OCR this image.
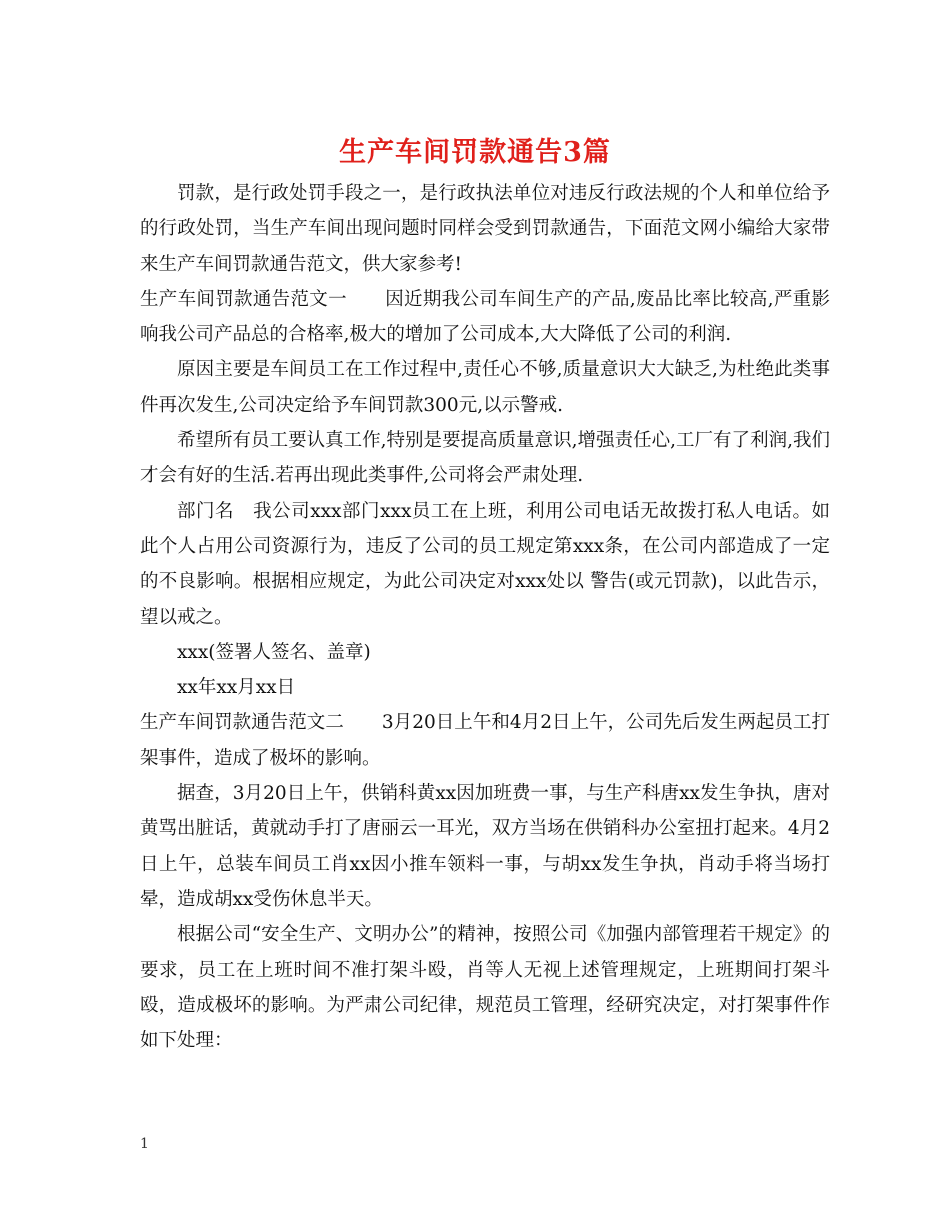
生产车间罚款通告3篇

罚款，是行政处罚手段之一，是行政执法单位对违反行政法规的个人和单位给予的行政处罚，当生产车间出现问题时同样会受到罚款通告，下面范文网小编给大家带来生产车间罚款通告范文，供大家参考!

生产车间罚款通告范文一 因近期我公司车间生产的产品,废品比率比较高,严重影响我公司产品总的合格率,极大的增加了公司成本,大大降低了公司的利润.

原因主要是车间员工在工作过程中,责任心不够,质量意识大大缺乏,为杜绝此类事件再次发生,公司决定给予车间罚款300元,以示警戒.

希望所有员工要认真工作,特别是要提高质量意识,增强责任心,工厂有了利润,我们才会有好的生活.若再出现此类事件,公司将会严肃处理.

部门名　我公司xxx部门xxx员工在上班，利用公司电话无故拨打私人电话。如此个人占用公司资源行为，违反了公司的员工规定第xxx条，在公司内部造成了一定的不良影响。根据相应规定，为此公司决定对xxx处以 警告(或元罚款)，以此告示，望以戒之。

xxx(签署人签名、盖章)

xx年xx月xx日

生产车间罚款通告范文二 3月20日上午和4月2日上午，公司先后发生两起员工打架事件，造成了极坏的影响。

据查，3月20日上午，供销科黄xx因加班费一事，与生产科唐xx发生争执，唐对黄骂出脏话，黄就动手打了唐丽云一耳光，双方当场在供销科办公室扭打起来。4月2日上午，总装车间员工肖xx因小推车领料一事，与胡xx发生争执，肖动手将当场打晕，造成胡xx受伤休息半天。

根据公司“安全生产、文明办公”的精神，按照公司《加强内部管理若干规定》的要求，员工在上班时间不准打架斗殴，肖等人无视上述管理规定，上班期间打架斗殴，造成极坏的影响。为严肃公司纪律，规范员工管理，经研究决定，对打架事件作如下处理：

1
